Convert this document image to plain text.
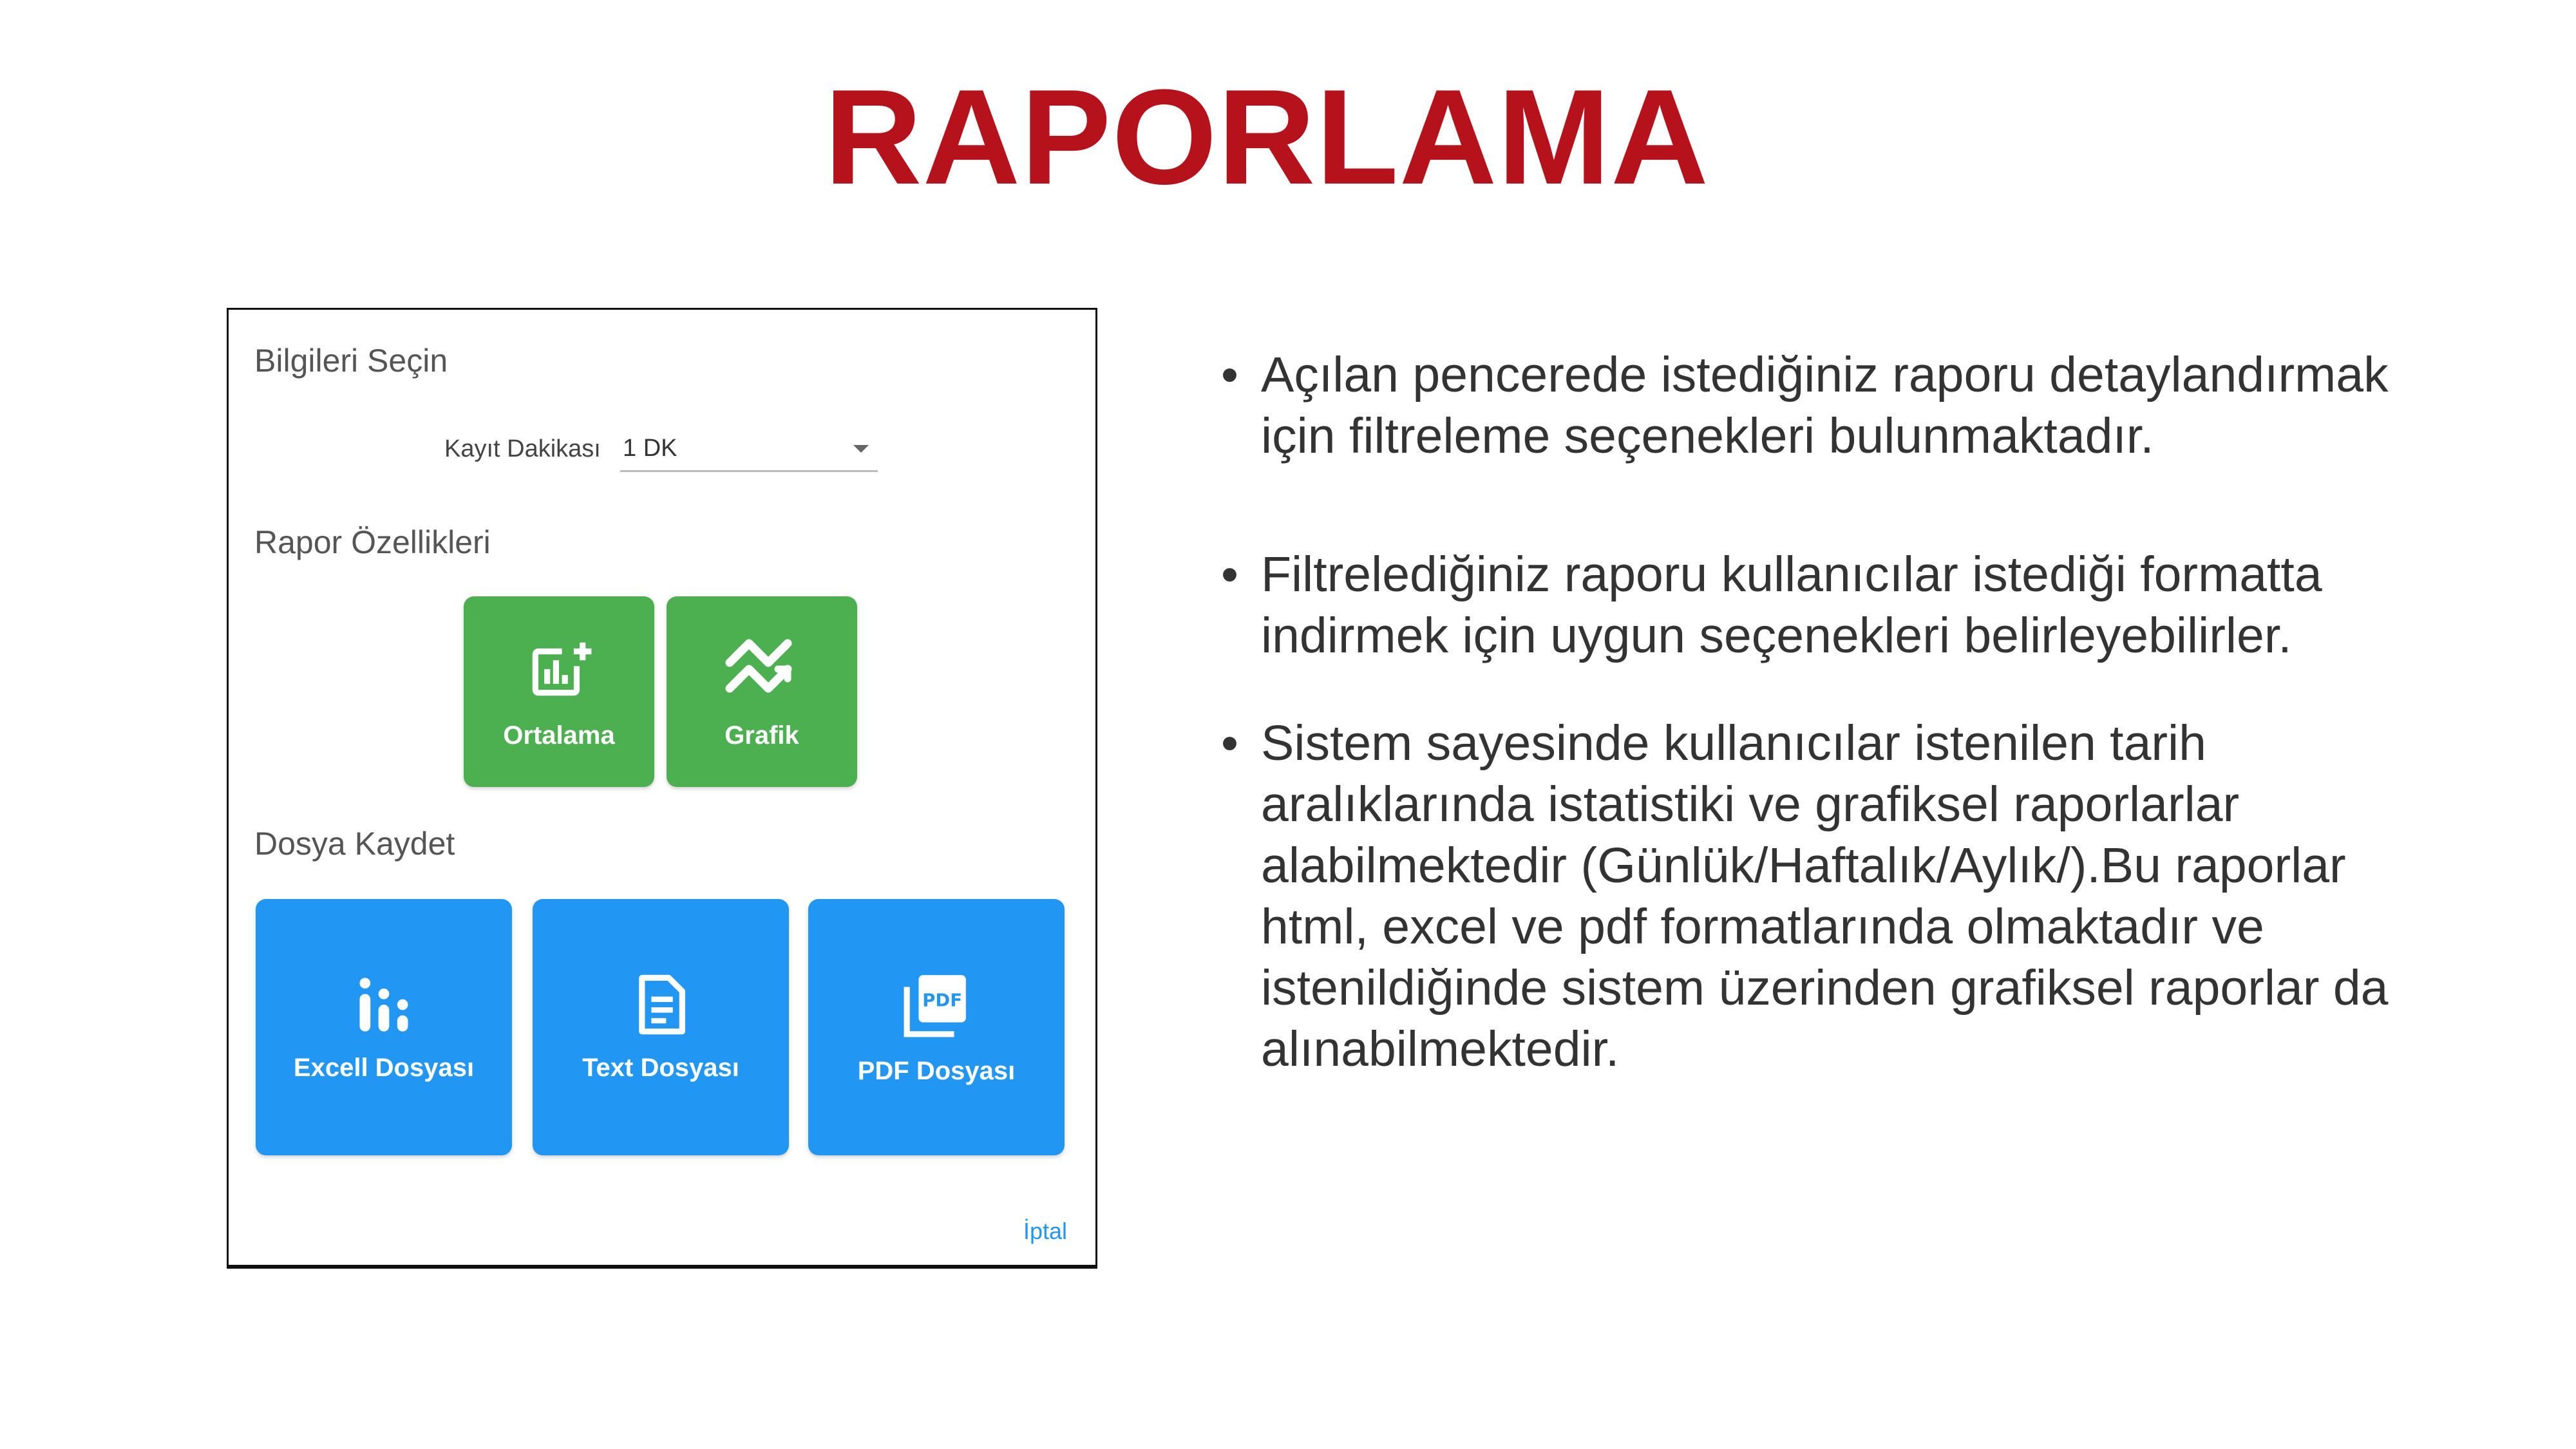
RAPORLAMA
Bilgileri Seçin
Kayıt Dakikası 1 DK
Rapor Özellikleri
Ortalama	Grafik
Dosya Kaydet
Excell Dosyası	Text Dosyası
PDF
PDF Dosyası
İptal
• Açılan pencerede istediğiniz raporu detaylandırmak için filtreleme seçenekleri bulunmaktadır.
• Filtrelediğiniz raporu kullanıcılar istediği formatta indirmek için uygun seçenekleri belirleyebilirler.
• Sistem sayesinde kullanıcılar istenilen tarih aralıklarında istatistiki ve grafiksel raporlarlar alabilmektedir (Günlük/Haftalık/Aylık/).Bu raporlar html, excel ve pdf formatlarında olmaktadır ve istenildiğinde sistem üzerinden grafiksel raporlar da alınabilmektedir.
